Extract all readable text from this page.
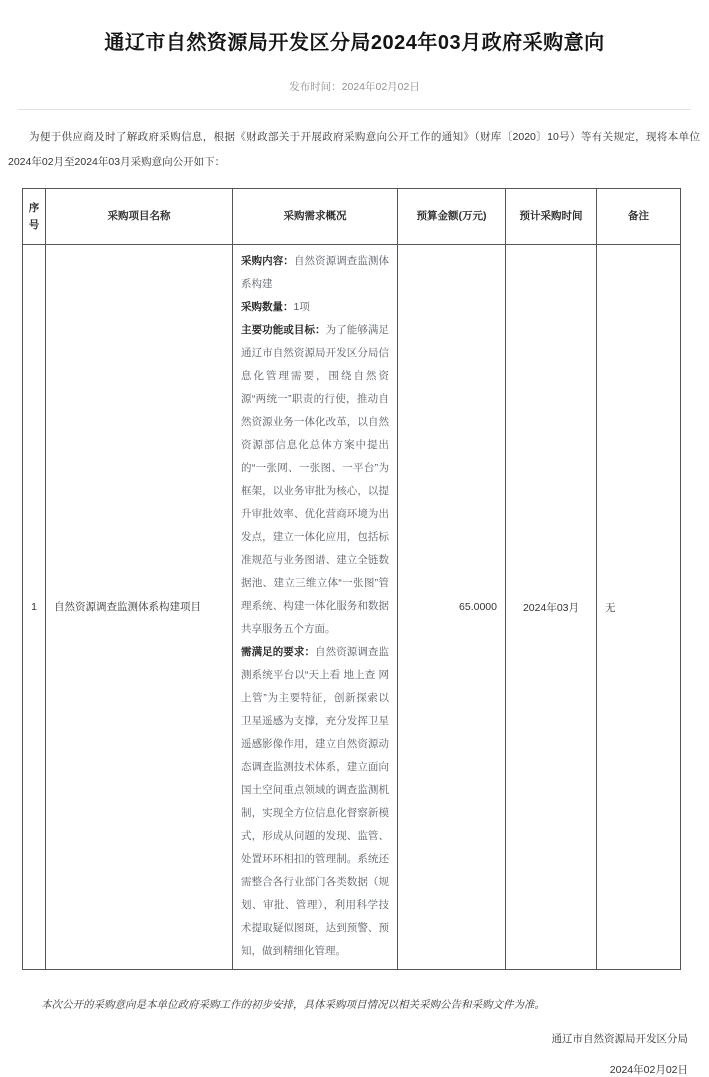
通辽市自然资源局开发区分局2024年03月政府采购意向
发布时间：2024年02月02日
为便于供应商及时了解政府采购信息，根据《财政部关于开展政府采购意向公开工作的通知》（财库〔2020〕10号）等有关规定，现将本单位2024年02月至2024年03月采购意向公开如下：
序号	采购项目名称	采购需求概况	预算金额(万元)	预计采购时间	备注
1	自然资源调查监测体系构建项目	采购内容：自然资源调查监测体系构建

采购数量：1项

主要功能或目标：为了能够满足通辽市自然资源局开发区分局信息化管理需要，围绕自然资源“两统一”职责的行使，推动自然资源业务一体化改革，以自然资源部信息化总体方案中提出的“一张网、一张图、一平台”为框架，以业务审批为核心，以提升审批效率、优化营商环境为出发点，建立一体化应用，包括标准规范与业务图谱、建立全链数据池、建立三维立体“一张图”管理系统、构建一体化服务和数据共享服务五个方面。

需满足的要求：自然资源调查监测系统平台以“天上看 地上查 网上管”为主要特征，创新探索以卫星遥感为支撑，充分发挥卫星遥感影像作用，建立自然资源动态调查监测技术体系，建立面向国土空间重点领域的调查监测机制，实现全方位信息化督察新模式，形成从问题的发现、监管、处置环环相扣的管理制。系统还需整合各行业部门各类数据（规划、审批、管理），利用科学技术提取疑似图斑，达到预警、预知，做到精细化管理。	65.0000	2024年03月	无
本次公开的采购意向是本单位政府采购工作的初步安排，具体采购项目情况以相关采购公告和采购文件为准。
通辽市自然资源局开发区分局
2024年02月02日
